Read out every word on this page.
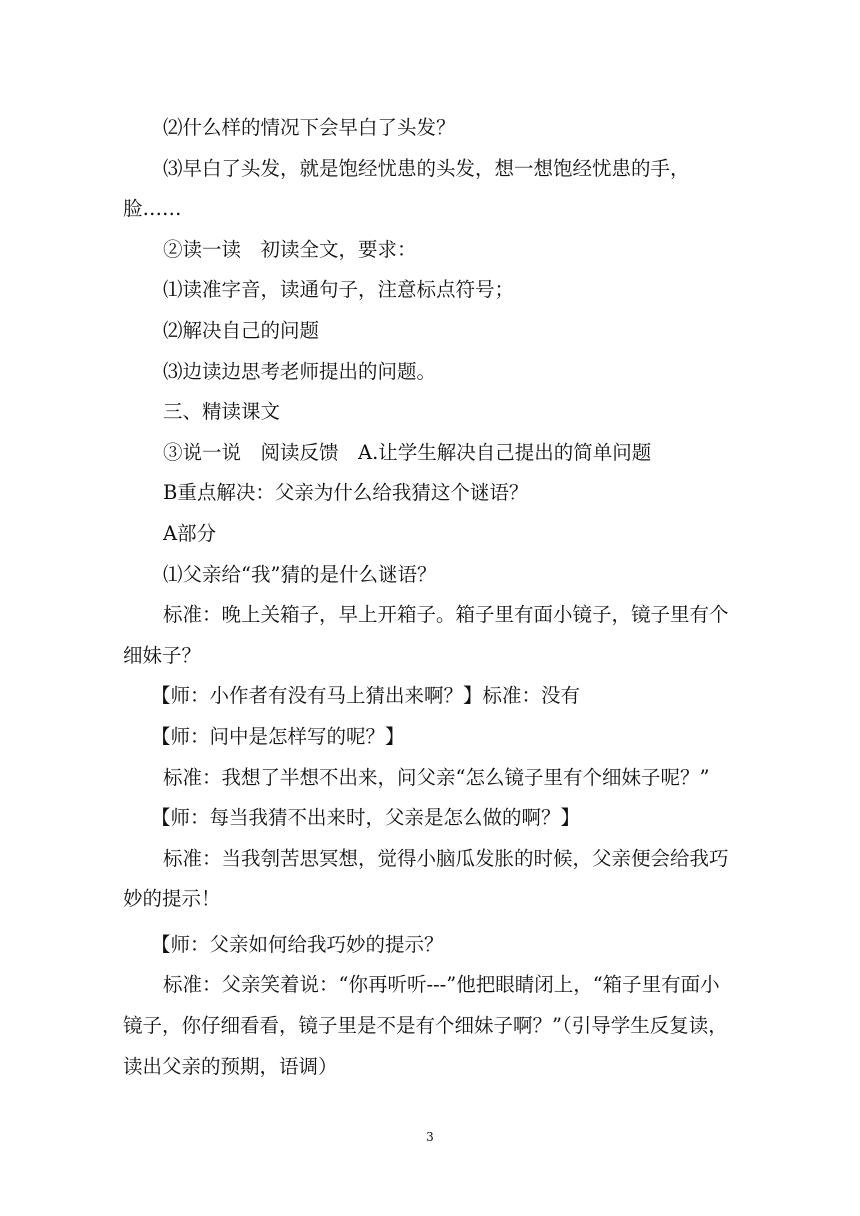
⑵什么样的情况下会早白了头发？

⑶早白了头发，就是饱经忧患的头发，想一想饱经忧患的手，脸……

②读一读　初读全文，要求：

⑴读准字音，读通句子，注意标点符号；

⑵解决自己的问题

⑶边读边思考老师提出的问题。

三、精读课文

③说一说　阅读反馈　A.让学生解决自己提出的简单问题

B重点解决：父亲为什么给我猜这个谜语？

A部分

⑴父亲给“我”猜的是什么谜语？

标准：晚上关箱子，早上开箱子。箱子里有面小镜子，镜子里有个细妹子？

【师：小作者有没有马上猜出来啊？】标准：没有

【师：问中是怎样写的呢？】

标准：我想了半想不出来，问父亲“怎么镜子里有个细妹子呢？”

【师：每当我猜不出来时，父亲是怎么做的啊？】

标准：当我刳苦思冥想，觉得小脑瓜发胀的时候，父亲便会给我巧妙的提示！

【师：父亲如何给我巧妙的提示？

标准：父亲笑着说：“你再听听---”他把眼睛闭上，“箱子里有面小镜子，你仔细看看，镜子里是不是有个细妹子啊？”（引导学生反复读，读出父亲的预期，语调）

3
